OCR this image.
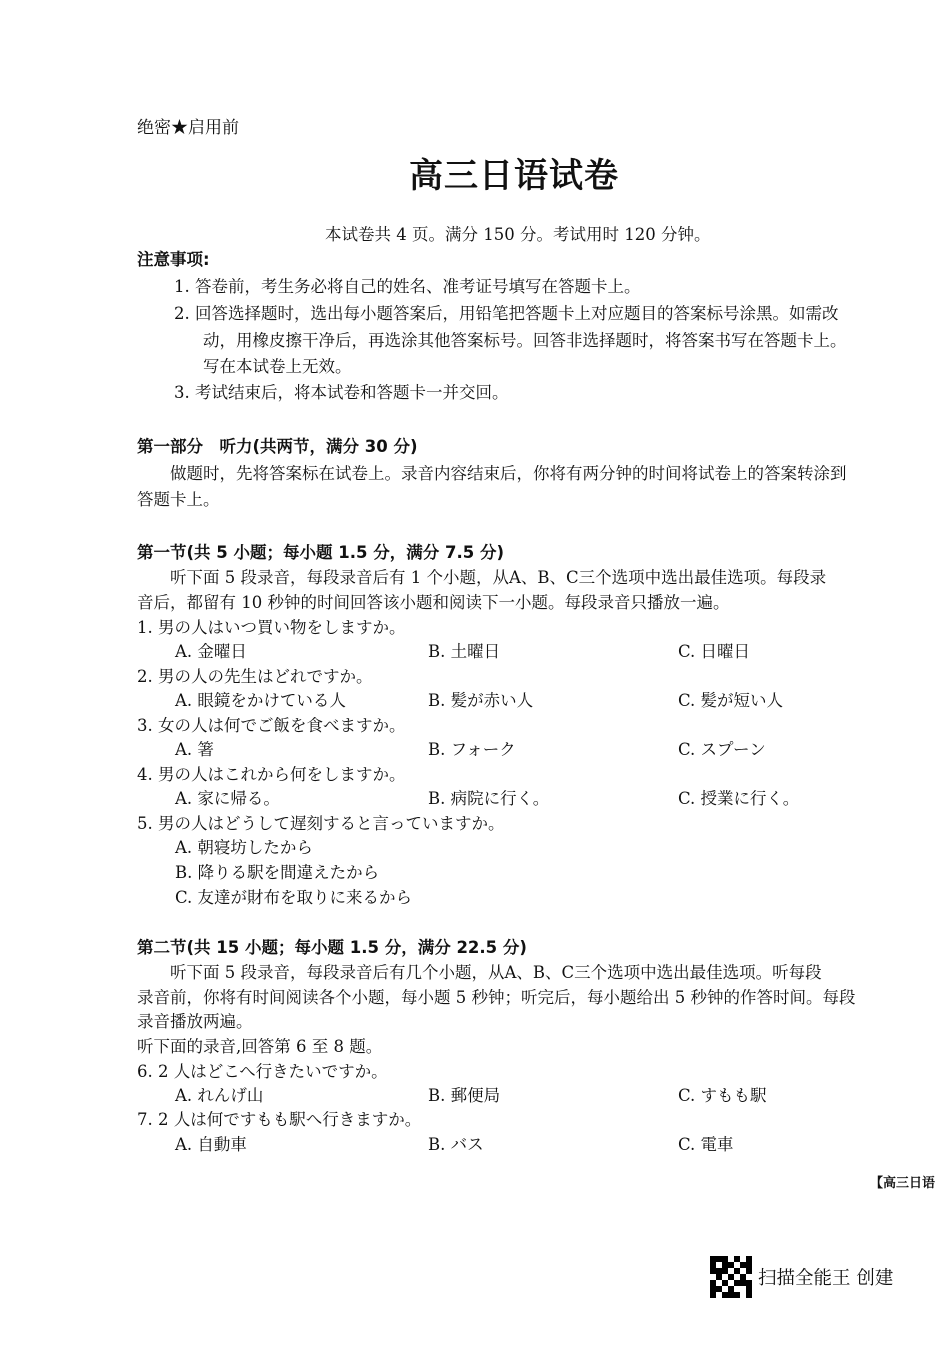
绝密★启用前
高三日语试卷
本试卷共 4 页。满分 150 分。考试用时 120 分钟。
注意事项:
1. 答卷前，考生务必将自己的姓名、准考证号填写在答题卡上。
2. 回答选择题时，选出每小题答案后，用铅笔把答题卡上对应题目的答案标号涂黑。如需改
动，用橡皮擦干净后，再选涂其他答案标号。回答非选择题时，将答案书写在答题卡上。
写在本试卷上无效。
3. 考试结束后，将本试卷和答题卡一并交回。
第一部分　听力(共两节，满分 30 分)
做题时，先将答案标在试卷上。录音内容结束后，你将有两分钟的时间将试卷上的答案转涂到
答题卡上。
第一节(共 5 小题；每小题 1.5 分，满分 7.5 分)
听下面 5 段录音，每段录音后有 1 个小题，从A、B、C三个选项中选出最佳选项。每段录
音后，都留有 10 秒钟的时间回答该小题和阅读下一小题。每段录音只播放一遍。
1. 男の人はいつ買い物をしますか。
A. 金曜日	B. 土曜日	C. 日曜日
2. 男の人の先生はどれですか。
A. 眼鏡をかけている人	B. 髪が赤い人	C. 髪が短い人
3. 女の人は何でご飯を食べますか。
A. 箸	B. フォーク	C. スプーン
4. 男の人はこれから何をしますか。
A. 家に帰る。	B. 病院に行く。	C. 授業に行く。
5. 男の人はどうして遅刻すると言っていますか。
A. 朝寝坊したから
B. 降りる駅を間違えたから
C. 友達が財布を取りに来るから
第二节(共 15 小题；每小题 1.5 分，满分 22.5 分)
听下面 5 段录音，每段录音后有几个小题，从A、B、C三个选项中选出最佳选项。听每段
录音前，你将有时间阅读各个小题，每小题 5 秒钟；听完后，每小题给出 5 秒钟的作答时间。每段
录音播放两遍。
听下面的录音,回答第 6 至 8 题。
6. 2 人はどこへ行きたいですか。
A. れんげ山	B. 郵便局	C. すもも駅
7. 2 人は何ですもも駅へ行きますか。
A. 自動車	B. バス	C. 電車
【高三日语
扫描全能王 创建
